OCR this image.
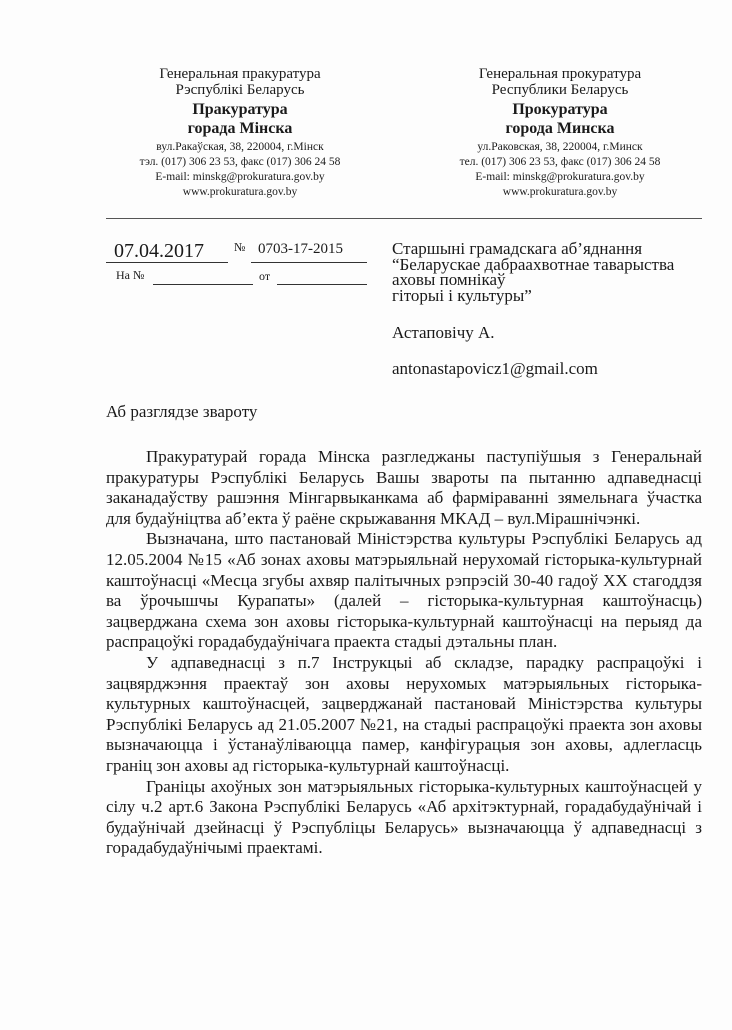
Генеральная пракуратура
Рэспублікі Беларусь
Пракуратура
горада Мінска
вул.Ракаўская, 38, 220004, г.Мінск
тэл. (017) 306 23 53, факс (017) 306 24 58
E-mail: minskg@prokuratura.gov.by
www.prokuratura.gov.by
Генеральная прокуратура
Республики Беларусь
Прокуратура
города Минска
ул.Раковская, 38, 220004, г.Минск
тел. (017) 306 23 53, факс (017) 306 24 58
E-mail: minskg@prokuratura.gov.by
www.prokuratura.gov.by
07.04.2017	№ 0703-17-2015
На №	от
Старшыні грамадскага аб’яднання
“Беларускае дабраахвотнае таварыства
аховы помнікаў
гіторыі і культуры”
Астаповічу А.
antonastapovicz1@gmail.com
Аб разглядзе звароту

Пракуратурай горада Мінска разгледжаны паступіўшыя з Генеральнай пракуратуры Рэспублікі Беларусь Вашы звароты па пытанню адпаведнасці заканадаўству рашэння Мінгарвыканкама аб фарміраванні зямельнага ўчастка для будаўніцтва аб’екта ў раёне скрыжавання МКАД – вул.Мірашнічэнкі.

Вызначана, што пастановай Міністэрства культуры Рэспублікі Беларусь ад 12.05.2004 №15 «Аб зонах аховы матэрыяльнай нерухомай гісторыка-культурнай каштоўнасці «Месца згубы ахвяр палітычных рэпрэсій 30-40 гадоў XX стагоддзя ва ўрочышчы Курапаты» (далей – гісторыка-культурная каштоўнасць) зацверджана схема зон аховы гісторыка-культурнай каштоўнасці на перыяд да распрацоўкі горадабудаўнічага праекта стадыі дэтальны план.

У адпаведнасці з п.7 Інструкцыі аб складзе, парадку распрацоўкі і зацвярджэння праектаў зон аховы нерухомых матэрыяльных гісторыка-культурных каштоўнасцей, зацверджанай пастановай Міністэрства культуры Рэспублікі Беларусь ад 21.05.2007 №21, на стадыі распрацоўкі праекта зон аховы вызначаюцца і ўстанаўліваюцца памер, канфігурацыя зон аховы, адлегласць граніц зон аховы ад гісторыка-культурнай каштоўнасці.

Граніцы ахоўных зон матэрыяльных гісторыка-культурных каштоўнасцей у сілу ч.2 арт.6 Закона Рэспублікі Беларусь «Аб архітэктурнай, горадабудаўнічай і будаўнічай дзейнасці ў Рэспубліцы Беларусь» вызначаюцца ў адпаведнасці з горадабудаўнічымі праектамі.
